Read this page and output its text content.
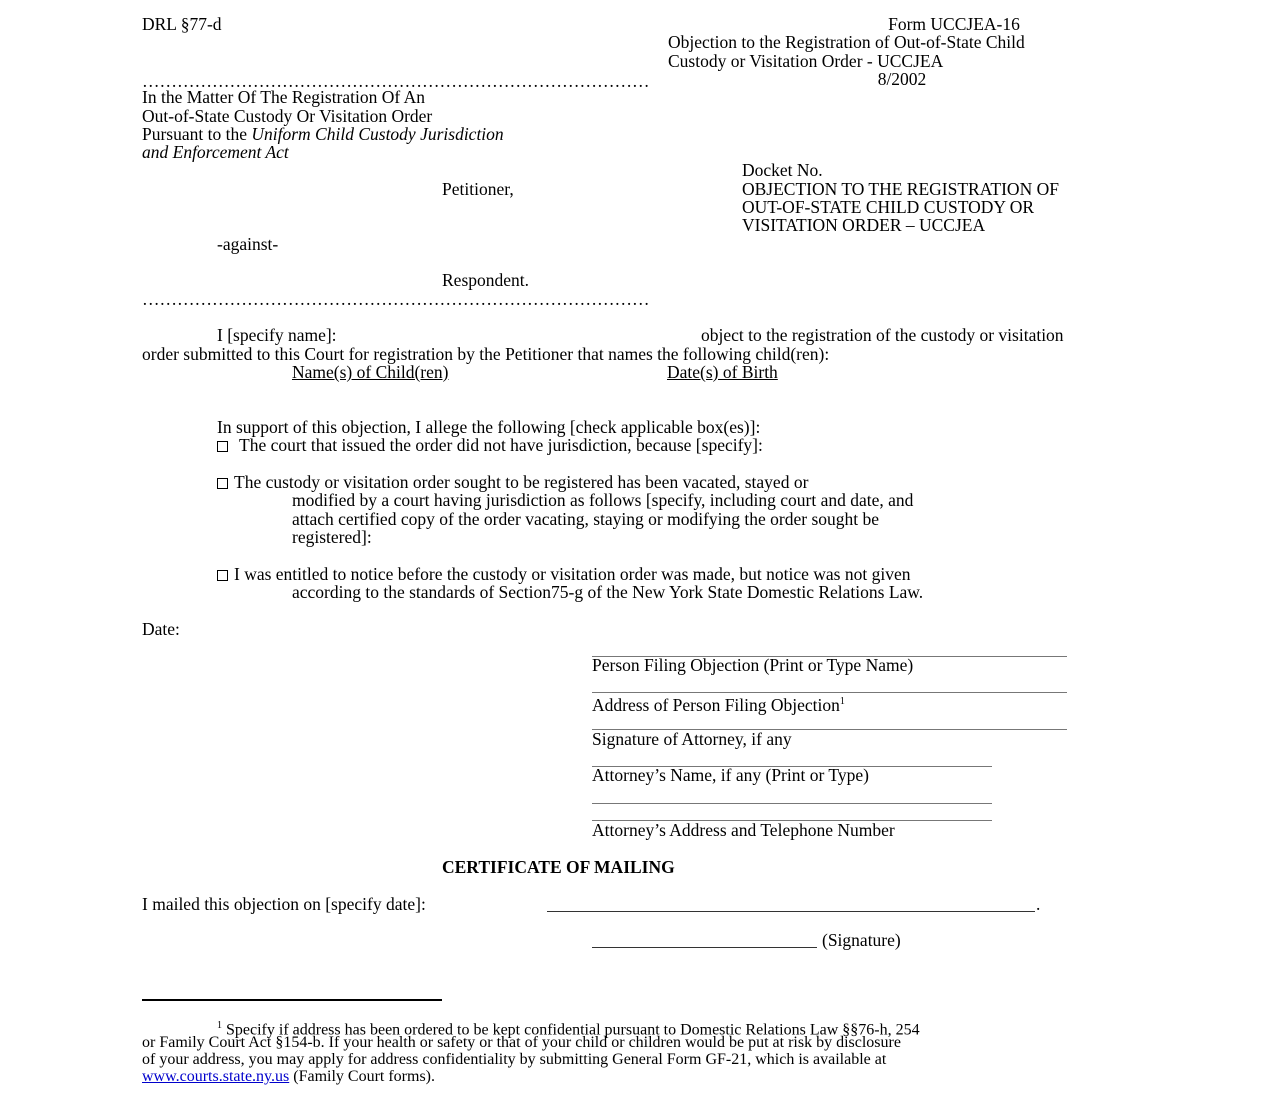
DRL §77-d	Form UCCJEA-16
Objection to the Registration of Out-of-State Child
Custody or Visitation Order - UCCJEA
8/2002
……………………………………………………………………………
In the Matter Of The Registration Of An
Out-of-State Custody Or Visitation Order
Pursuant to the Uniform Child Custody Jurisdiction
and Enforcement Act
Docket No.
Petitioner,	OBJECTION TO THE REGISTRATION OF
OUT-OF-STATE CHILD CUSTODY OR
VISITATION ORDER – UCCJEA
-against-
Respondent.
……………………………………………………………………………
I [specify name]:	object to the registration of the custody or visitation
order submitted to this Court for registration by the Petitioner that names the following child(ren):
Name(s) of Child(ren)	Date(s) of Birth
In support of this objection, I allege the following [check applicable box(es)]:
The court that issued the order did not have jurisdiction, because [specify]:
The custody or visitation order sought to be registered has been vacated, stayed or
modified by a court having jurisdiction as follows [specify, including court and date, and
attach certified copy of the order vacating, staying or modifying the order sought be
registered]:
I was entitled to notice before the custody or visitation order was made, but notice was not given
according to the standards of Section75-g of the New York State Domestic Relations Law.
Date:
Person Filing Objection (Print or Type Name)
Address of Person Filing Objection$^1$
Signature of Attorney, if any
Attorney’s Name, if any (Print or Type)
Attorney’s Address and Telephone Number
CERTIFICATE OF MAILING
I mailed this objection on [specify date]:	.
(Signature)
$^1$ Specify if address has been ordered to be kept confidential pursuant to Domestic Relations Law §§76-h, 254
or Family Court Act §154-b. If your health or safety or that of your child or children would be put at risk by disclosure
of your address, you may apply for address confidentiality by submitting General Form GF-21, which is available at
www.courts.state.ny.us (Family Court forms).
